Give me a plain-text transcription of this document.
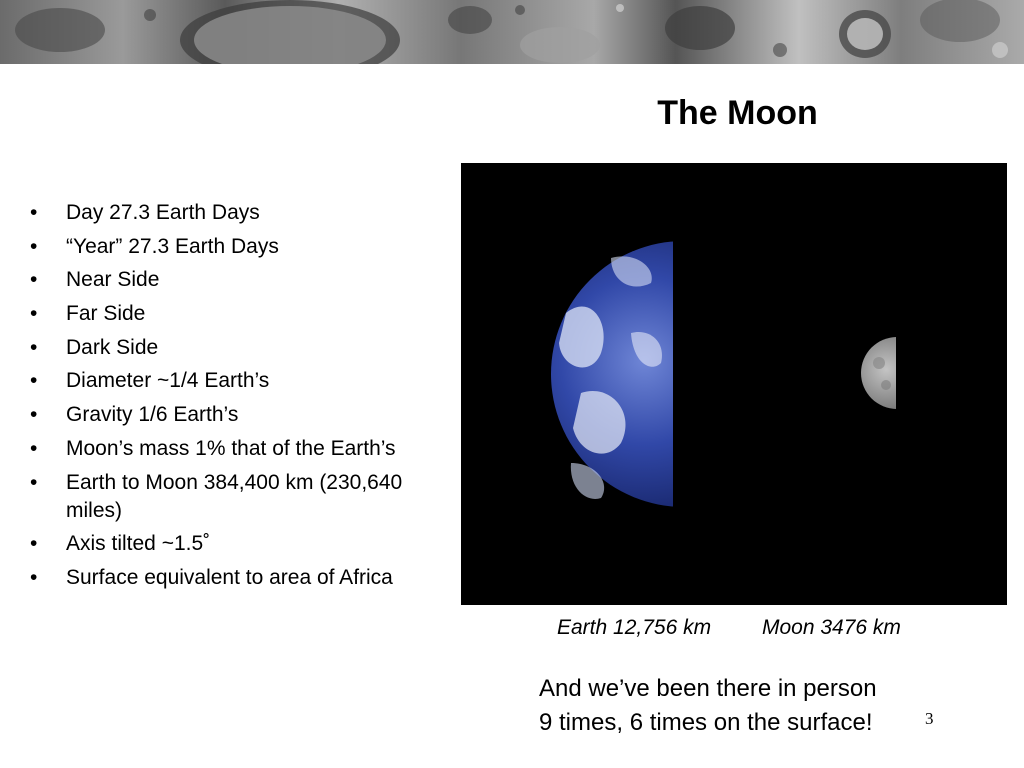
The Moon
• Day 27.3 Earth Days
• “Year” 27.3 Earth Days
• Near Side
• Far Side
• Dark Side
• Diameter ~1/4 Earth’s
• Gravity 1/6 Earth’s
• Moon’s mass 1% that of the Earth’s
• Earth to Moon 384,400 km (230,640 miles)
• Axis tilted ~1.5˚
• Surface equivalent to area of Africa
Earth 12,756 km Moon 3476 km
And we’ve been there in person
9 times, 6 times on the surface!	3
